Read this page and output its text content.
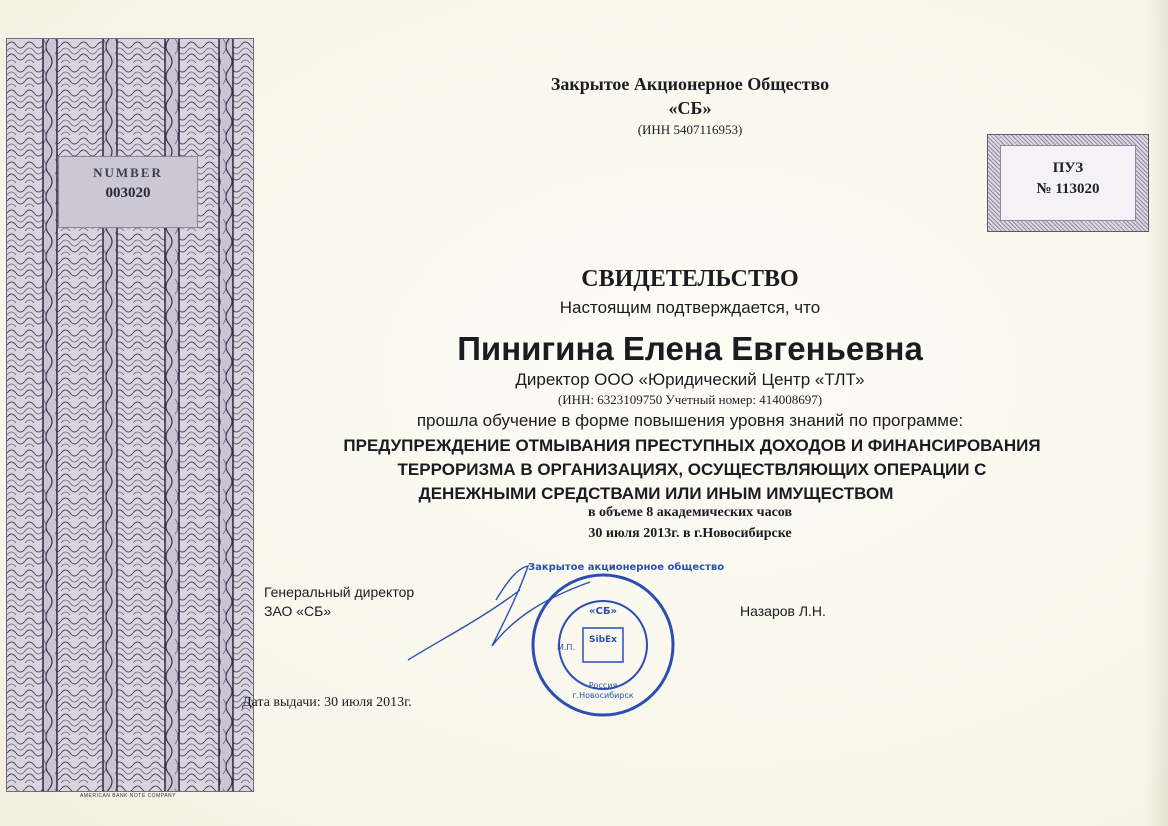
AMERICAN BANK NOTE COMPANY
NUMBER
003020
ПУЗ
№ 113020
Закрытое Акционерное Общество
«СБ»
(ИНН 5407116953)
СВИДЕТЕЛЬСТВО
Настоящим подтверждается, что
Пинигина Елена Евгеньевна
Директор ООО «Юридический Центр «ТЛТ»
(ИНН: 6323109750 Учетный номер: 414008697)
прошла обучение в форме повышения уровня знаний по программе:
ПРЕДУПРЕЖДЕНИЕ ОТМЫВАНИЯ ПРЕСТУПНЫХ ДОХОДОВ И ФИНАНСИРОВАНИЯ
ТЕРРОРИЗМА В ОРГАНИЗАЦИЯХ, ОСУЩЕСТВЛЯЮЩИХ ОПЕРАЦИИ С
ДЕНЕЖНЫМИ СРЕДСТВАМИ ИЛИ ИНЫМ ИМУЩЕСТВОМ
в объеме 8 академических часов
30 июля 2013г. в г.Новосибирске
Генеральный директор
ЗАО «СБ»	Назаров Л.Н.
Закрытое акционерное общество
«СБ»
SibEx
М.П.
Россия
г.Новосибирск
Дата выдачи: 30 июля 2013г.
